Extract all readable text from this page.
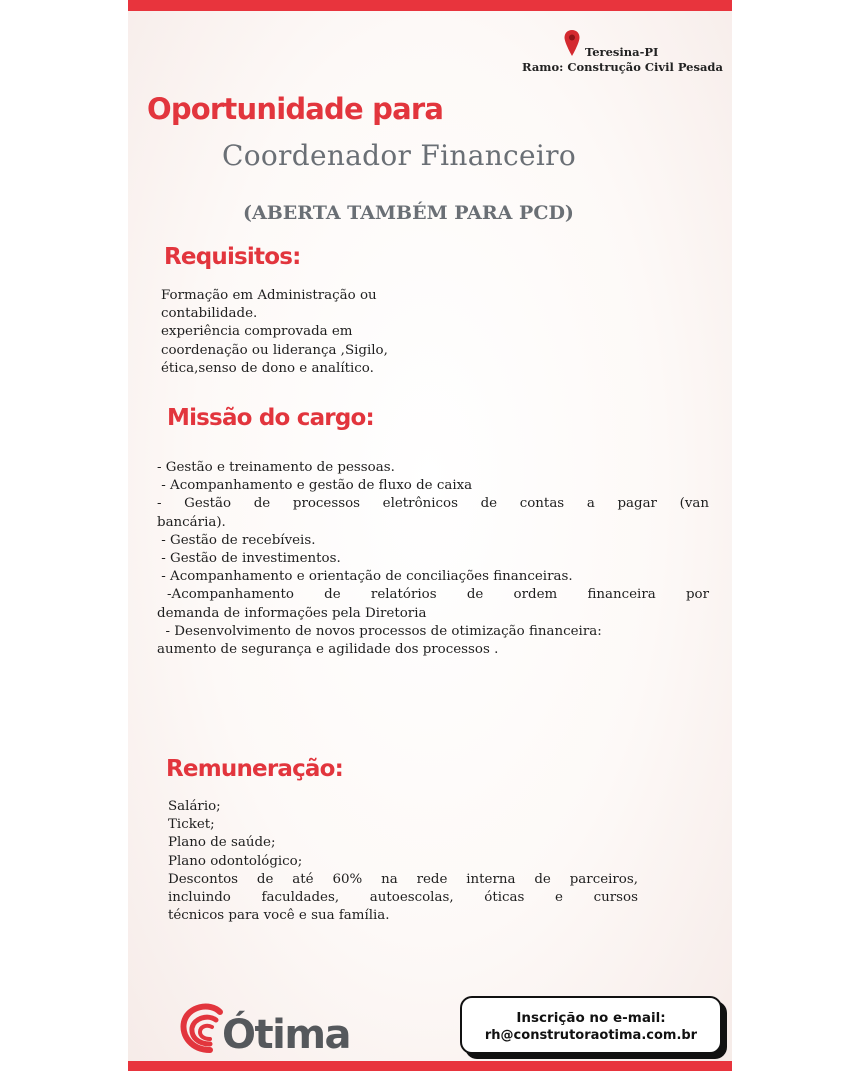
Teresina-PI
Ramo: Construção Civil Pesada
Oportunidade para
Coordenador Financeiro
(ABERTA TAMBÉM PARA PCD)
Requisitos:
Formação em Administração ou
contabilidade.
experiência comprovada em
coordenação ou liderança ,Sigilo,
ética,senso de dono e analítico.
Missão do cargo:
- Gestão e treinamento de pessoas.
- Acompanhamento e gestão de fluxo de caixa
- Gestão de processos eletrônicos de contas a pagar (van
bancária).
- Gestão de recebíveis.
- Gestão de investimentos.
- Acompanhamento e orientação de conciliações financeiras.
-Acompanhamento de relatórios de ordem financeira por
demanda de informações pela Diretoria
- Desenvolvimento de novos processos de otimização financeira:
aumento de segurança e agilidade dos processos .
Remuneração:
Salário;
Ticket;
Plano de saúde;
Plano odontológico;
Descontos de até 60% na rede interna de parceiros,
incluindo faculdades, autoescolas, óticas e cursos
técnicos para você e sua família.
Ótima	Inscrição no e-mail:
rh@construtoraotima.com.br
